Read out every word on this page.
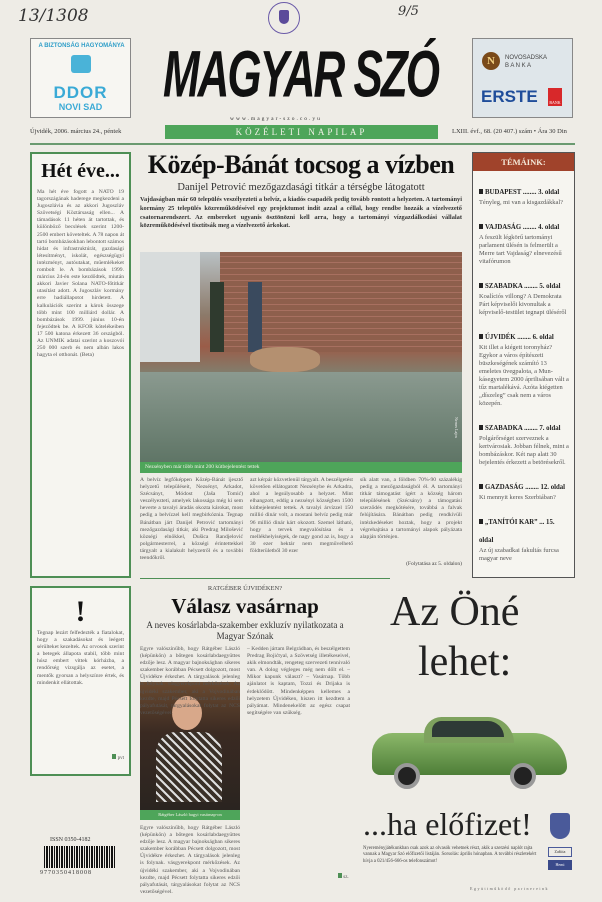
13/1308	9/5
A BIZTONSÁG HAGYOMÁNYA
DDOR
NOVI SAD	MAGYAR SZÓ
www.magyar-szo.co.yu
Újvidék, 2006. március 24., péntek	KÖZÉLETI NAPILAP	LXIII. évf., 68. (20 407.) szám • Ára 30 Din
N	NOVOSADSKA
B A N K A
ERSTE	BANK
Hét éve...
Ma hét éve fogott a NATO 19 tagországának haderege megkezdeni a Jugoszlávia és az akkori Jugoszláv Szövetségi Köztársaság ellen... A támadások 11 héten át tartottak, és különböző becslések szerint 1200-2500 embert követeltek. A 78 napon át tartó bombázásokban lebontott számos hidat és infrastruktúrát, gazdasági létesítményt, iskolát, egészségügyi intézményt, autóutakat, műemlékeket rombolt le. A bombázások 1999. március 24-én este kezdődtek, miután akkori Javier Solana NATO-főtitkár utasítást adott. A Jugoszláv kormány erre hadiállapotot hirdetett. A kalkulációk szerint a károk összege több mint 100 milliárd dollár. A bombázások 1999. június 10-én fejeződtek be. A KFOR kötelékeiben 17 500 katona érkezett 36 országból. Az UNMIK adatai szerint a koszovói 250 000 szerb és nem albán lakos hagyta el otthonát. (Beta)
!
Tegnap lezárt felfedezték a fiatalokat, hogy a szakadásokat és leégett sérülteket kezeltek. Az orvosok szerint a betegek állapota stabil, több mint húsz embert vittek kórházba, a rendőrség vizsgálja az esetet, a mentők gyorsan a helyszínre értek, és mindenkit ellátottak.
pvt
ISSN 0350-4182
9770350418008
Közép-Bánát tocsog a vízben
Danijel Petrović mezőgazdasági titkár a térségbe látogatott
Vajdaságban már 60 település veszélyezteti a belvíz, a kiadós csapadék pedig tovább rontott a helyzeten. A tartományi kormány 25 település közreműködésével egy projektumot indít azzal a céllal, hogy rendbe hozzák a vízelvezető csatornarendszert. Az embereket ugyanis ösztönözni kell arra, hogy a tartományi vízgazdálkodási vállalat közreműködésével tisztítsák meg a vízelvezető árkokat.
Nemes Lajos
Nezsényben már több mint 200 kútbejelentést tettek
A belvíz legfőképpen Közép-Bánát ijesztő helyzetű településeit, Nezsényt, Arkadot, Szécsányt, Módost (Jaša Tomić) veszélyezteti, amelyek lakossága még ki sem heverte a tavalyi áradás okozta károkat, most pedig a belvízzel kell megbirkóznia. Tegnap Bánátban járt Danijel Petrović tartományi mezőgazdasági titkár, aki Predrag Milošević községi elnökkel, Dušica Randjelović polgármesterrel, a községi érintettekkel tárgyalt a kialakult helyzetről és a további teendőkről.
azt kérpár közvetlenül tárgyalt. A beszélgetést követően ellátogatott Nezsénybe és Arkadra, ahol a legsúlyosabb a helyzet. Mint elhangzott, eddig a nezsényi községben 1500 kútbejelentést tettek. A tavalyi árvízzel 150 millió dinár volt, a mostani belvíz pedig már 96 millió dinár kárt okozott. Szemel látható, hogy a tervek megvalósítása és a mellékhelyiségek, de nagy gond az is, hogy a 30 ezer hektár nem megművelhető földterületből 30 ezer
sík alatt van, a földben 70%-90 százalékig pedig a mezőgazdaságból él. A tartományi titkár támogatást ígért a község három településének (Szécsány) a támogatási szerződés megkötésére, továbbá a falvak felújítására. Bánátban pedig rendkívüli intézkedéseket hoztak, hogy a projekt végrehajtása a tartományi alapok pályázata alapján történjen.
(Folytatása az 5. oldalon)
TÉMÁINK:
BUDAPEST ........ 3. oldal

Tényleg, mi van a kisgazdákkal?

VAJDASÁG ........ 4. oldal

A feszült légkörű tartományi parlament ülésén is felmerült a Merre tart Vajdaság? elnevezésű vitafórumon

SZABADKA ........ 5. oldal

Koalíciós villong? A Demokrata Párt képviselői kivonultak a képviselő-testület tegnapi üléséről

ÚJVIDÉK ........ 6. oldal

Kit illet a kiégett toronyház? Egykor a város építészeti büszkeségének számító 13 emeletes üvegpalota, a Munkásegyetem 2000 áprilisában vált a tűz martalékává. Azóta kiégetten „díszeleg” csak nem a város közepén.

SZABADKA ........ 7. oldal

Polgárőrséget szerveznek a kertvárosiak. Jobban félnek, mint a bombázáskor. Két nap alatt 30 bejelentés érkezett a betörésekről.

GAZDASÁG ........ 12. oldal

Ki mennyit keres Szerbiában?

„TANÍTÓI KAR” ... 15. oldal

Az új szabadkai fakultás furcsa magyar neve

RATGÉBER ÚJVIDÉKEN?
Válasz vasárnap
A neves kosárlabda-szakember exkluzív nyilatkozata a Magyar Szónak
Rátgéber László hagyi vasárnap-on
Egyre valószínűbb, hogy Rátgéber László (képünkön) a bőtegen kosárlabdaegyüttes edzője lesz. A magyar bajnokságban sikeres szakember korábban Pécsett dolgozott, most Újvidékre érkezhet. A tárgyalások jelenleg is folynak. vásgyerekpont mérkőzések. Az újvidéki szakember, aki a Vojvodinában kezdte, majd Pécsett folytatta sikeres edzői pályafutását, tárgyalásokat folytat az NCS vezetőségével.
Egyre valószínűbb, hogy Rátgéber László (képünkön) a bőtegen kosárlabdaegyüttes edzője lesz. A magyar bajnokságban sikeres szakember korábban Pécsett dolgozott, most Újvidékre érkezhet. A tárgyalások jelenleg is folynak. vásgyerekpont mérkőzések. Az újvidéki szakember, aki a Vojvodinában kezdte, majd Pécsett folytatta sikeres edzői pályafutását, tárgyalásokat folytat az NCS vezetőségével.
– Kedden jártam Belgrádban, és beszélgettem Predrag Bojićtyal, a Szövetség illetékeseivel, akik elmondták, rengeteg szervezeti tennivaló van. A dolog végleges még nem dőlt el. – Mikor kapunk választ? – Vasárnap. Több ajánlatot is kaptam, Tozzi és Drijaka is érdeklődött. Mindenképpen kellemes a helyzetem Újvidéken, hiszen itt kezdtem a pályámat. Mindenekelőtt az egész csapat segítségére van szükség.
sz.
Az Öné
lehet:
...ha előfizet!
Nyereményjátékunkban csak azok az olvasók vehetnek részt, akik a szerzési naplót rajta vannak a Magyar Szó előfizetői listáján. Sorsolás: április hónapban. A további részletekért hívja a 021/456-666-os telefonszámot!
Zaštita
Hemi
Együttműködő partnereink
